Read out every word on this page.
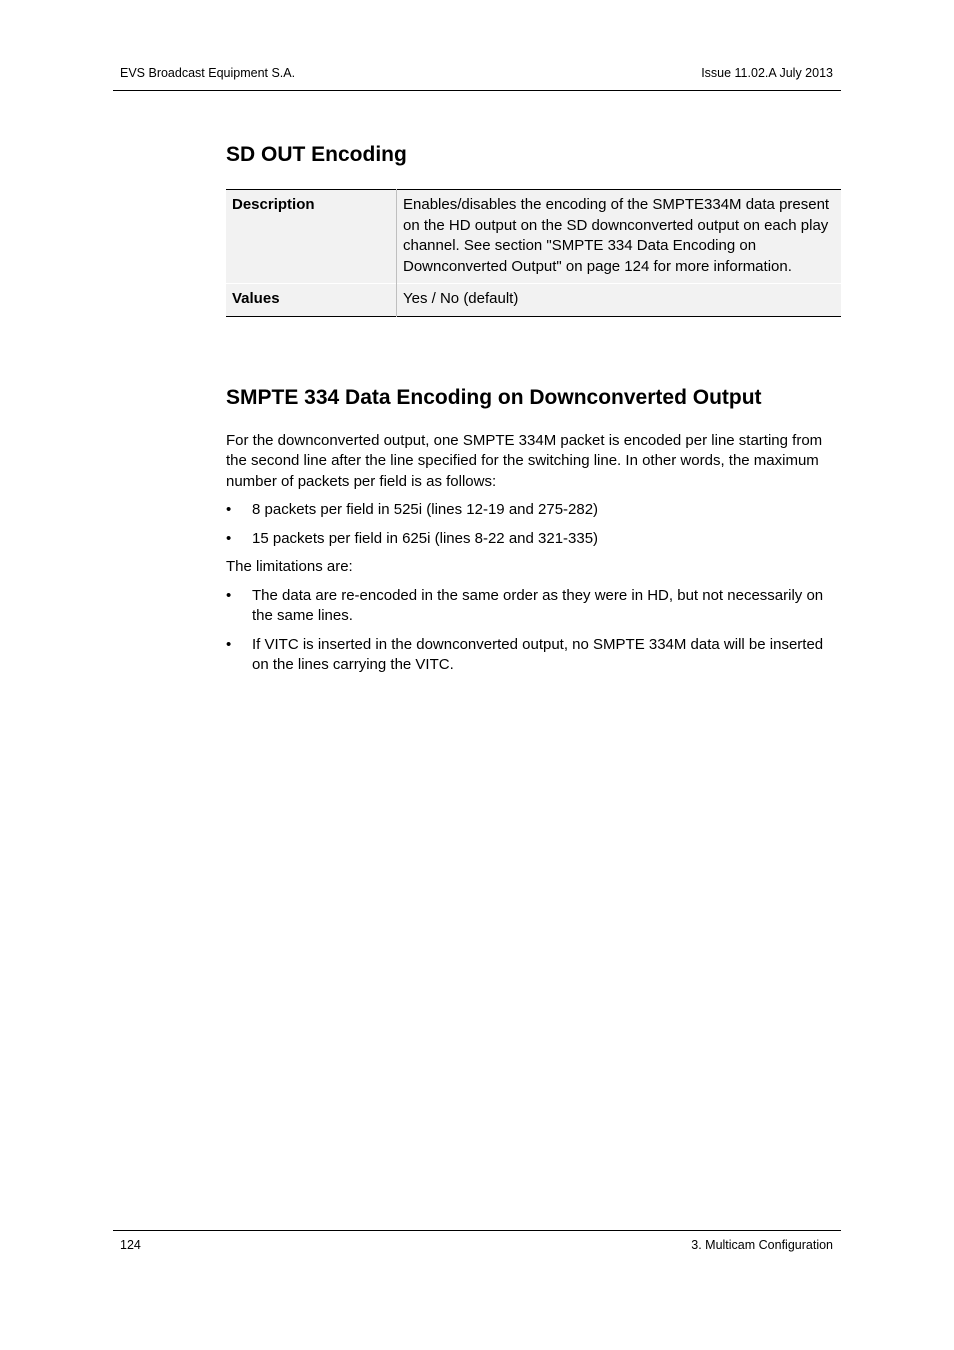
EVS Broadcast Equipment S.A.	Issue 11.02.A July 2013
SD OUT Encoding
Description	Enables/disables the encoding of the SMPTE334M data present on the HD output on the SD downconverted output on each play channel. See section "SMPTE 334 Data Encoding on Downconverted Output" on page 124 for more information.
Values	Yes / No (default)
SMPTE 334 Data Encoding on Downconverted Output

For the downconverted output, one SMPTE 334M packet is encoded per line starting from the second line after the line specified for the switching line. In other words, the maximum number of packets per field is as follows:

• 8 packets per field in 525i (lines 12-19 and 275-282)
• 15 packets per field in 625i (lines 8-22 and 321-335)

The limitations are:

• The data are re-encoded in the same order as they were in HD, but not necessarily on the same lines.
• If VITC is inserted in the downconverted output, no SMPTE 334M data will be inserted on the lines carrying the VITC.
124	3. Multicam Configuration
